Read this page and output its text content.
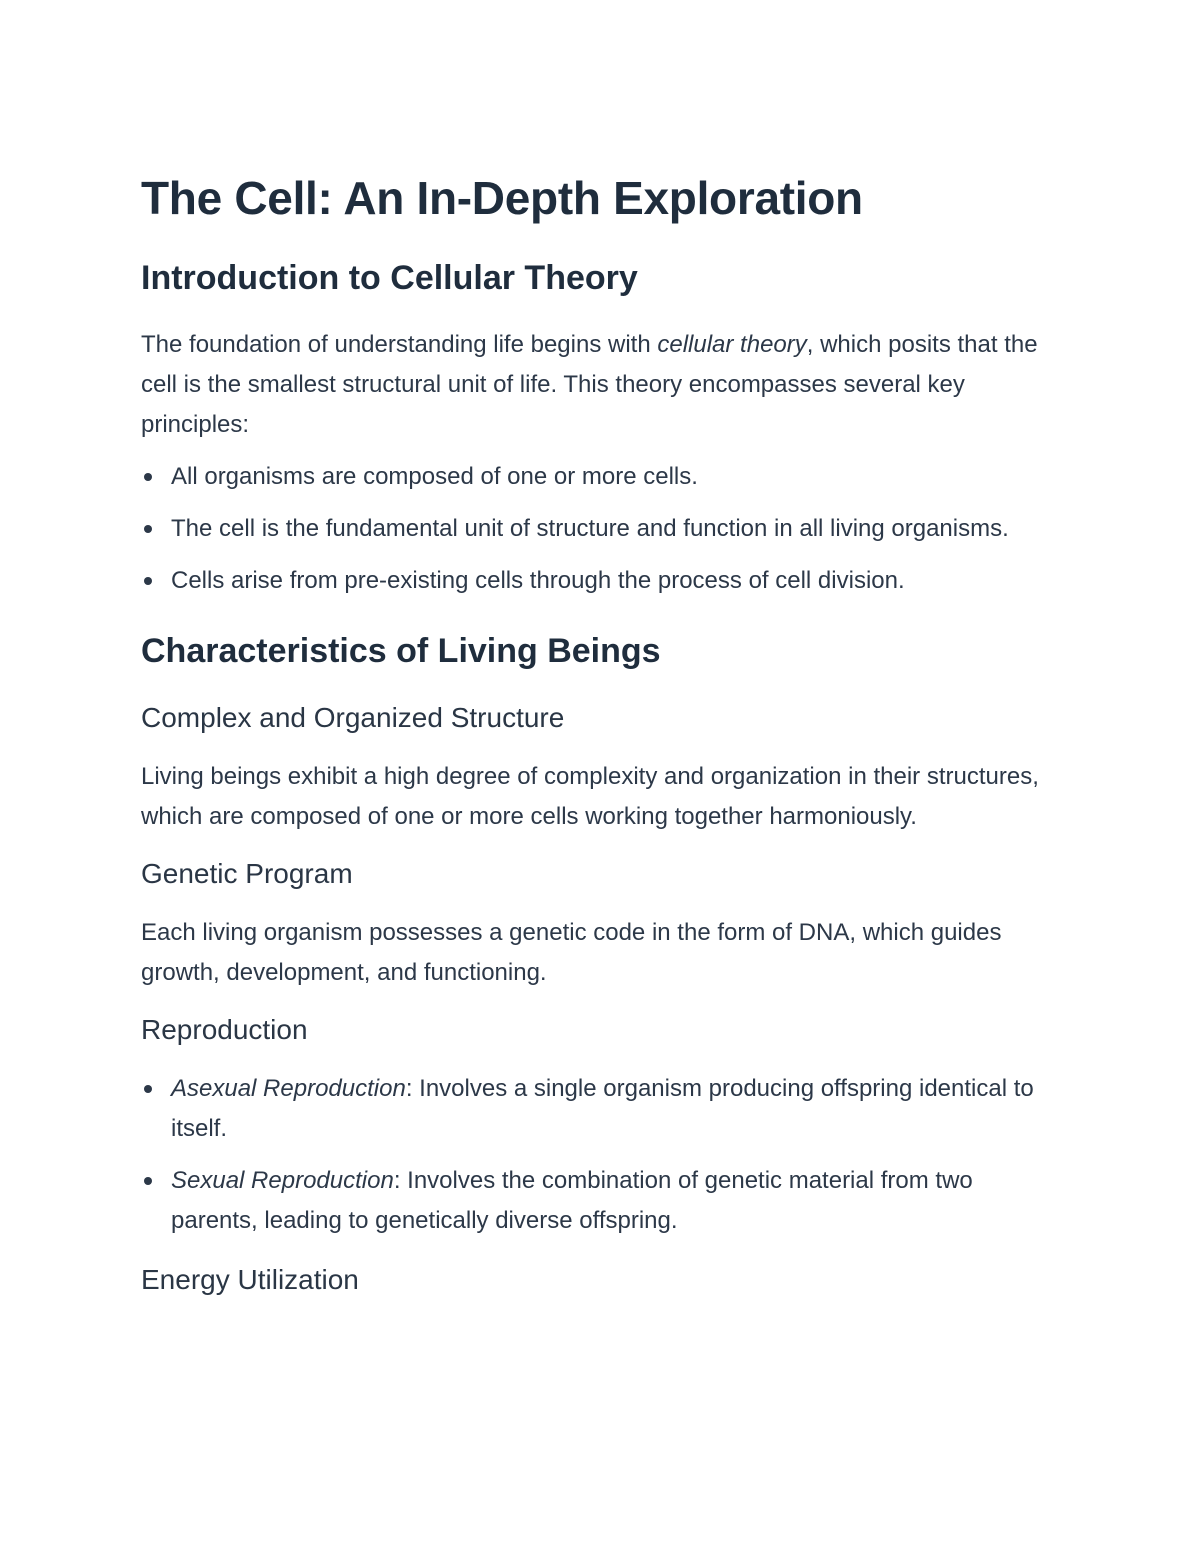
The Cell: An In-Depth Exploration
Introduction to Cellular Theory

The foundation of understanding life begins with cellular theory, which posits that the cell is the smallest structural unit of life. This theory encompasses several key principles:

All organisms are composed of one or more cells.
The cell is the fundamental unit of structure and function in all living organisms.
Cells arise from pre-existing cells through the process of cell division.
Characteristics of Living Beings
Complex and Organized Structure

Living beings exhibit a high degree of complexity and organization in their structures, which are composed of one or more cells working together harmoniously.

Genetic Program

Each living organism possesses a genetic code in the form of DNA, which guides growth, development, and functioning.

Reproduction
Asexual Reproduction: Involves a single organism producing offspring identical to itself.
Sexual Reproduction: Involves the combination of genetic material from two parents, leading to genetically diverse offspring.
Energy Utilization
